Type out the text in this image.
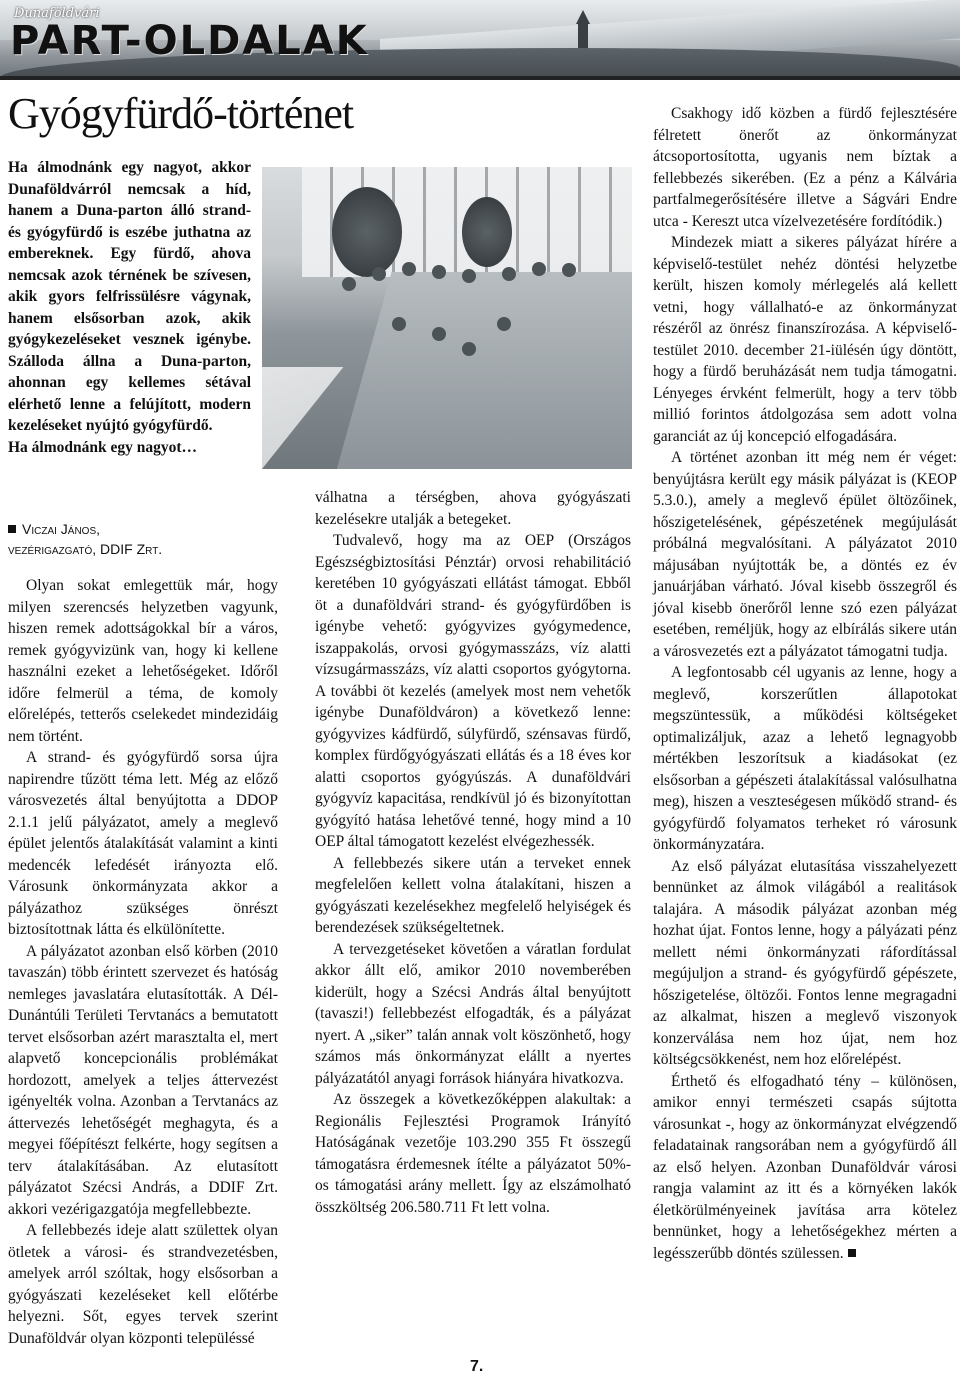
Dunaföldvári
PART-OLDALAK
Gyógyfürdő-történet

Ha álmodnánk egy nagyot, akkor Dunaföldvárról nemcsak a híd, hanem a Duna-parton álló strand- és gyógyfürdő is eszébe juthatna az embereknek. Egy fürdő, ahova nemcsak azok térnének be szívesen, akik gyors felfrissülésre vágynak, hanem elsősorban azok, akik gyógykezeléseket vesznek igénybe. Szálloda állna a Duna-parton, ahonnan egy kellemes sétával elérhető lenne a felújított, modern kezeléseket nyújtó gyógyfürdő.

Ha álmodnánk egy nagyot…

Viczai János,
vezérigazgató, DDIF Zrt.

Olyan sokat emlegettük már, hogy milyen szerencsés helyzetben vagyunk, hiszen remek adottságokkal bír a város, remek gyógyvizünk van, hogy ki kellene használni ezeket a lehetőségeket. Időről időre felmerül a téma, de komoly előrelépés, tetterős cselekedet mindezidáig nem történt.

A strand- és gyógyfürdő sorsa újra napirendre tűzött téma lett. Még az előző városvezetés által benyújtotta a DDOP 2.1.1 jelű pályázatot, amely a meglevő épület jelentős átalakítását valamint a kinti medencék lefedését irányozta elő. Városunk önkormányzata akkor a pályázathoz szükséges önrészt biztosítottnak látta és elkülönítette.

A pályázatot azonban első körben (2010 tavaszán) több érintett szervezet és hatóság nemleges javaslatára elutasították. A Dél-Dunántúli Területi Tervtanács a bemutatott tervet elsősorban azért marasztalta el, mert alapvető koncepcionális problémákat hordozott, amelyek a teljes áttervezést igényelték volna. Azonban a Tervtanács az áttervezés lehetőségét meghagyta, és a megyei főépítészt felkérte, hogy segítsen a terv átalakításában. Az elutasított pályázatot Szécsi András, a DDIF Zrt. akkori vezérigazgatója megfellebbezte.

A fellebbezés ideje alatt születtek olyan ötletek a városi- és strandvezetésben, amelyek arról szóltak, hogy elsősorban a gyógyászati kezeléseket kell előtérbe helyezni. Sőt, egyes tervek szerint Dunaföldvár olyan központi településsé

válhatna a térségben, ahova gyógyászati kezelésekre utalják a betegeket.

Tudvalevő, hogy ma az OEP (Országos Egészségbiztosítási Pénztár) orvosi rehabilitáció keretében 10 gyógyászati ellátást támogat. Ebből öt a dunaföldvári strand- és gyógyfürdőben is igénybe vehető: gyógyvizes gyógymedence, iszappakolás, orvosi gyógymasszázs, víz alatti vízsugármasszázs, víz alatti csoportos gyógytorna. A további öt kezelés (amelyek most nem vehetők igénybe Dunaföldváron) a következő lenne: gyógyvizes kádfürdő, súlyfürdő, szénsavas fürdő, komplex fürdőgyógyászati ellátás és a 18 éves kor alatti csoportos gyógyúszás. A dunaföldvári gyógyvíz kapacitása, rendkívül jó és bizonyítottan gyógyító hatása lehetővé tenné, hogy mind a 10 OEP által támogatott kezelést elvégezhessék.

A fellebbezés sikere után a terveket ennek megfelelően kellett volna átalakítani, hiszen a gyógyászati kezelésekhez megfelelő helyiségek és berendezések szükségeltetnek.

A tervezgetéseket követően a váratlan fordulat akkor állt elő, amikor 2010 novemberében kiderült, hogy a Szécsi András által benyújtott (tavaszi!) fellebbezést elfogadták, és a pályázat nyert. A „siker” talán annak volt köszönhető, hogy számos más önkormányzat elállt a nyertes pályázatától anyagi források hiányára hivatkozva.

Az összegek a következőképpen alakultak: a Regionális Fejlesztési Programok Irányító Hatóságának vezetője 103.290 355 Ft összegű támogatásra érdemesnek ítélte a pályázatot 50%-os támogatási arány mellett. Így az elszámolható összköltség 206.580.711 Ft lett volna.

Csakhogy idő közben a fürdő fejlesztésére félretett önerőt az önkormányzat átcsoportosította, ugyanis nem bíztak a fellebbezés sikerében. (Ez a pénz a Kálvária partfalmegerősítésére illetve a Ságvári Endre utca - Kereszt utca vízelvezetésére fordítódik.)

Mindezek miatt a sikeres pályázat hírére a képviselő-testület nehéz döntési helyzetbe került, hiszen komoly mérlegelés alá kellett vetni, hogy vállalható-e az önkormányzat részéről az önrész finanszírozása. A képviselő-testület 2010. december 21-iülésén úgy döntött, hogy a fürdő beruházását nem tudja támogatni. Lényeges érvként felmerült, hogy a terv több millió forintos átdolgozása sem adott volna garanciát az új koncepció elfogadására.

A történet azonban itt még nem ér véget: benyújtásra került egy másik pályázat is (KEOP 5.3.0.), amely a meglevő épület öltözőinek, hőszigetelésének, gépészetének megújulását próbálná megvalósítani. A pályázatot 2010 májusában nyújtották be, a döntés ez év januárjában várható. Jóval kisebb összegről és jóval kisebb önerőről lenne szó ezen pályázat esetében, reméljük, hogy az elbírálás sikere után a városvezetés ezt a pályázatot támogatni tudja.

A legfontosabb cél ugyanis az lenne, hogy a meglevő, korszerűtlen állapotokat megszüntessük, a működési költségeket optimalizáljuk, azaz a lehető legnagyobb mértékben leszorítsuk a kiadásokat (ez elsősorban a gépészeti átalakítással valósulhatna meg), hiszen a veszteségesen működő strand- és gyógyfürdő folyamatos terheket ró városunk önkormányzatára.

Az első pályázat elutasítása visszahelyezett bennünket az álmok világából a realitások talajára. A második pályázat azonban még hozhat újat. Fontos lenne, hogy a pályázati pénz mellett némi önkormányzati ráfordítással megújuljon a strand- és gyógyfürdő gépészete, hőszigetelése, öltözői. Fontos lenne megragadni az alkalmat, hiszen a meglevő viszonyok konzerválása nem hoz újat, nem hoz költségcsökkenést, nem hoz előrelépést.

Érthető és elfogadható tény – különösen, amikor ennyi természeti csapás sújtotta városunkat -, hogy az önkormányzat elvégzendő feladatainak rangsorában nem a gyógyfürdő áll az első helyen. Azonban Dunaföldvár városi rangja valamint az itt és a környéken lakók életkörülményeinek javítása arra kötelez bennünket, hogy a lehetőségekhez mérten a legésszerűbb döntés szülessen.

7.
